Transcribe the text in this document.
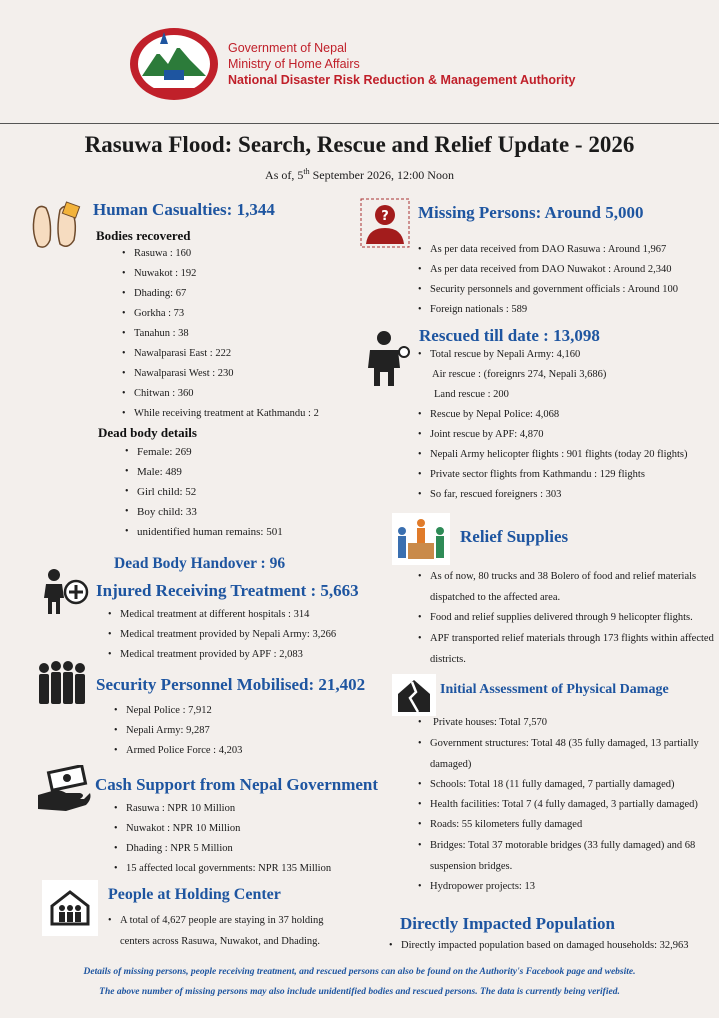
Government of Nepal
Ministry of Home Affairs
National Disaster Risk Reduction & Management Authority
Rasuwa Flood: Search, Rescue and Relief Update - 2026
As of, 5th September 2026, 12:00 Noon
Human Casualties: 1,344
Bodies recovered
• Rasuwa : 160
• Nuwakot : 192
• Dhading: 67
• Gorkha : 73
• Tanahun : 38
• Nawalparasi East : 222
• Nawalparasi West : 230
• Chitwan : 360
• While receiving treatment at Kathmandu : 2
Dead body details
• Female: 269
• Male: 489
• Girl child: 52
• Boy child: 33
• unidentified human remains: 501
Dead Body Handover : 96
Injured Receiving Treatment : 5,663
• Medical treatment at different hospitals : 314
• Medical treatment provided by Nepali Army: 3,266
• Medical treatment provided by APF : 2,083
Security Personnel Mobilised: 21,402
• Nepal Police : 7,912
• Nepali Army: 9,287
• Armed Police Force : 4,203
Cash Support from Nepal Government
• Rasuwa : NPR 10 Million
• Nuwakot : NPR 10 Million
• Dhading : NPR 5 Million
• 15 affected local governments: NPR 135 Million
People at Holding Center
• A total of 4,627 people are staying in 37 holding centers across Rasuwa, Nuwakot, and Dhading.
? Missing Persons: Around 5,000
• As per data received from DAO Rasuwa : Around 1,967
• As per data received from DAO Nuwakot : Around 2,340
• Security personnels and government officials : Around 100
• Foreign nationals : 589
Rescued till date : 13,098
• Total rescue by Nepali Army: 4,160
Air rescue : (foreignrs 274, Nepali 3,686)
Land rescue : 200
• Rescue by Nepal Police: 4,068
• Joint rescue by APF: 4,870
• Nepali Army helicopter flights : 901 flights (today 20 flights)
• Private sector flights from Kathmandu : 129 flights
• So far, rescued foreigners : 303
Relief Supplies
• As of now, 80 trucks and 38 Bolero of food and relief materials dispatched to the affected area.
• Food and relief supplies delivered through 9 helicopter flights.
• APF transported relief materials through 173 flights within affected districts.
Initial Assessment of Physical Damage
• Private houses: Total 7,570
• Government structures: Total 48 (35 fully damaged, 13 partially damaged)
• Schools: Total 18 (11 fully damaged, 7 partially damaged)
• Health facilities: Total 7 (4 fully damaged, 3 partially damaged)
• Roads: 55 kilometers fully damaged
• Bridges: Total 37 motorable bridges (33 fully damaged) and 68 suspension bridges.
• Hydropower projects: 13
Directly Impacted Population
• Directly impacted population based on damaged households: 32,963
Details of missing persons, people receiving treatment, and rescued persons can also be found on the Authority's Facebook page and website.
The above number of missing persons may also include unidentified bodies and rescued persons. The data is currently being verified.
